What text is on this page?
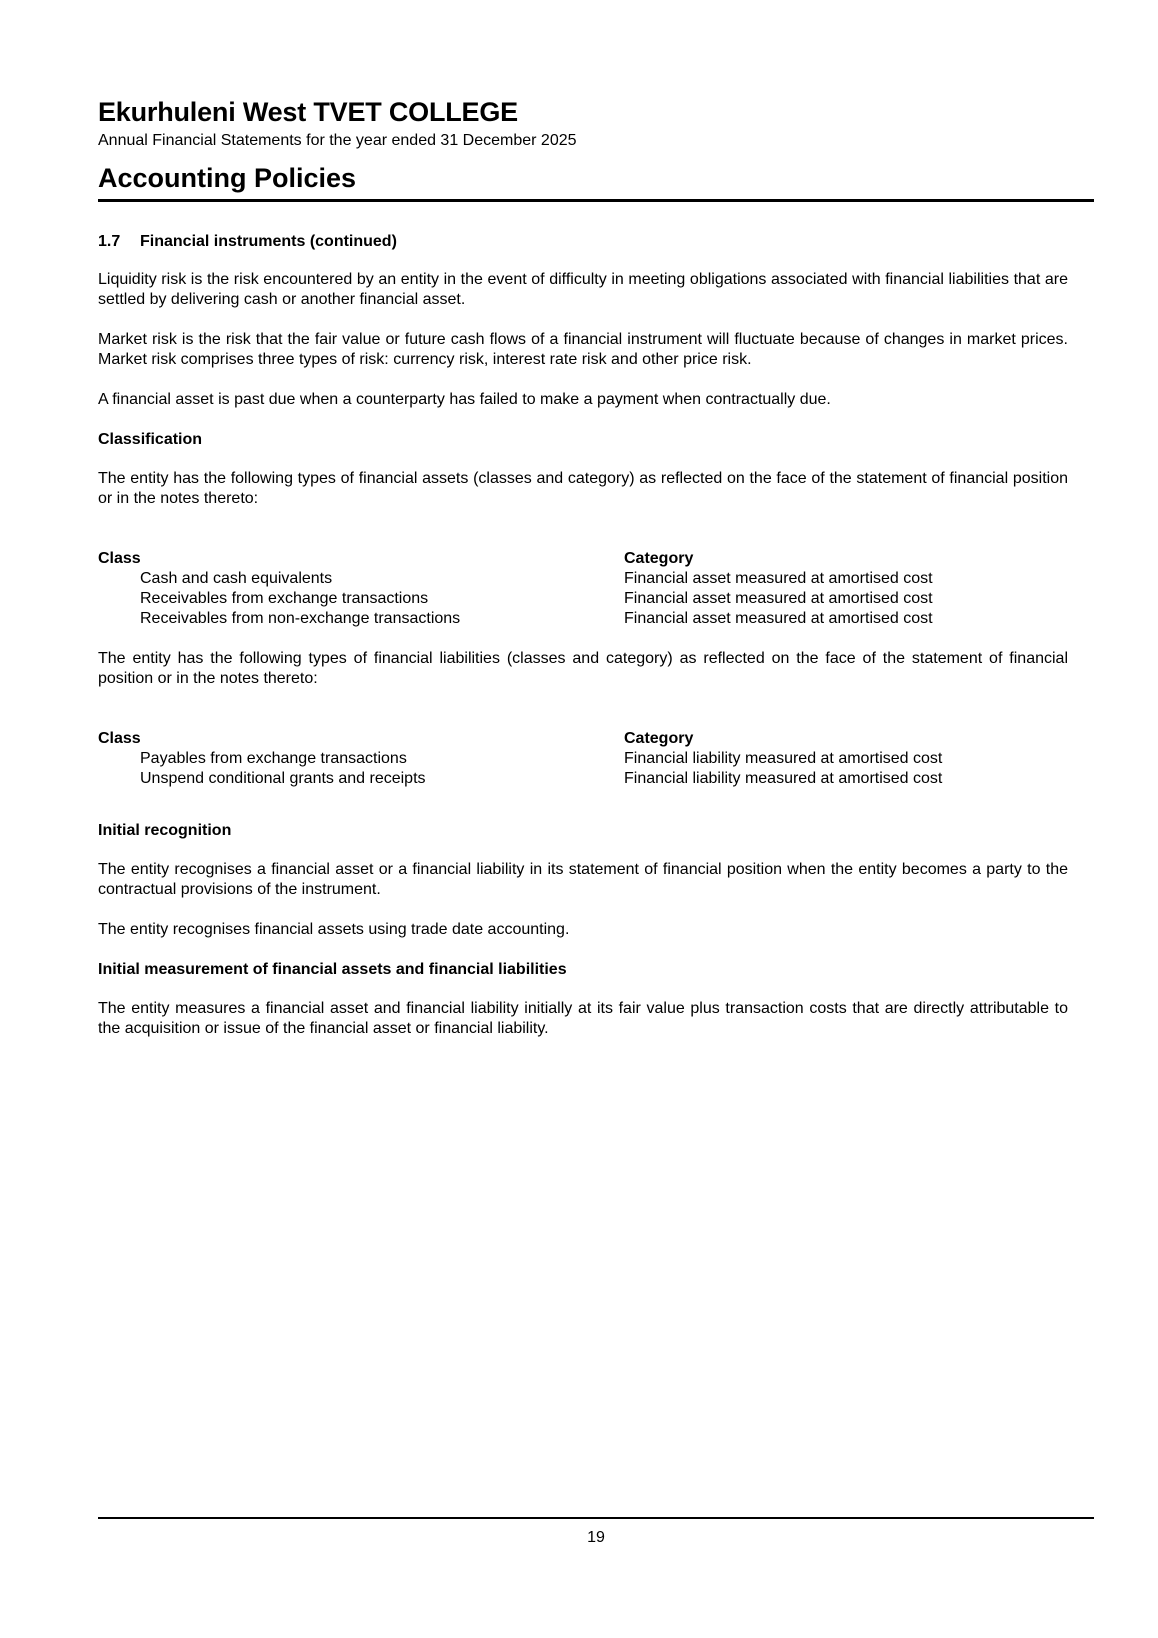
Ekurhuleni West TVET COLLEGE
Annual Financial Statements for the year ended 31 December 2025
Accounting Policies
1.7 Financial instruments (continued)

Liquidity risk is the risk encountered by an entity in the event of difficulty in meeting obligations associated with financial liabilities that are settled by delivering cash or another financial asset.

Market risk is the risk that the fair value or future cash flows of a financial instrument will fluctuate because of changes in market prices. Market risk comprises three types of risk: currency risk, interest rate risk and other price risk.

A financial asset is past due when a counterparty has failed to make a payment when contractually due.

Classification

The entity has the following types of financial assets (classes and category) as reflected on the face of the statement of financial position or in the notes thereto:

Class	Category
Cash and cash equivalents	Financial asset measured at amortised cost
Receivables from exchange transactions	Financial asset measured at amortised cost
Receivables from non-exchange transactions	Financial asset measured at amortised cost

The entity has the following types of financial liabilities (classes and category) as reflected on the face of the statement of financial position or in the notes thereto:

Class	Category
Payables from exchange transactions	Financial liability measured at amortised cost
Unspend conditional grants and receipts	Financial liability measured at amortised cost
Initial recognition

The entity recognises a financial asset or a financial liability in its statement of financial position when the entity becomes a party to the contractual provisions of the instrument.

The entity recognises financial assets using trade date accounting.

Initial measurement of financial assets and financial liabilities

The entity measures a financial asset and financial liability initially at its fair value plus transaction costs that are directly attributable to the acquisition or issue of the financial asset or financial liability.

19
